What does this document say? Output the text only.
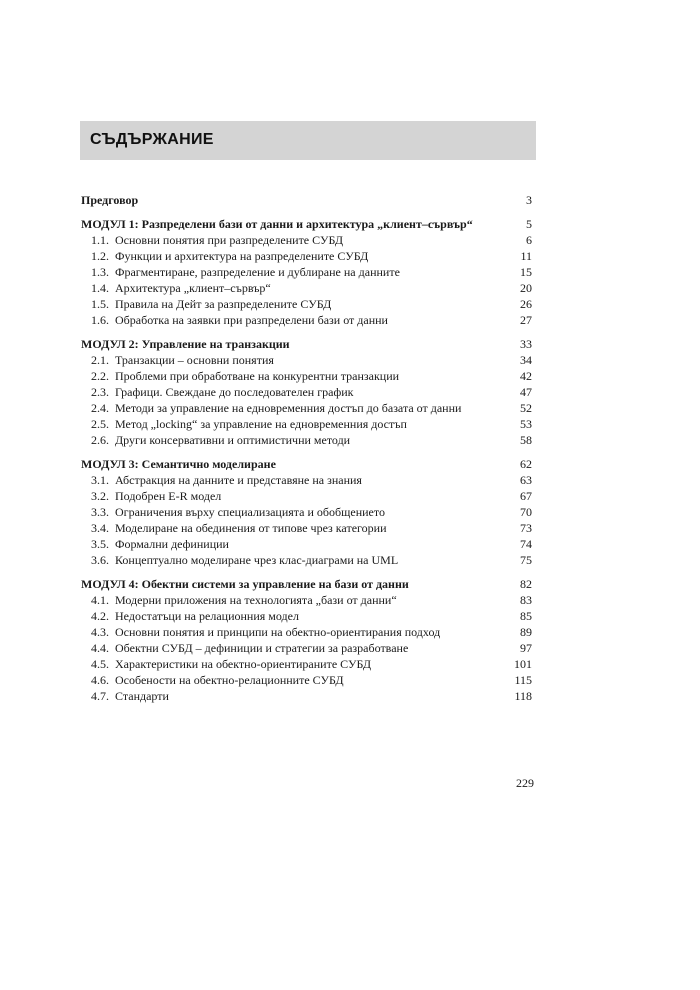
СЪДЪРЖАНИЕ
Предговор	3
МОДУЛ 1: Разпределени бази от данни и архитектура „клиент–сървър“	5
1.1. Основни понятия при разпределените СУБД	6
1.2. Функции и архитектура на разпределените СУБД	11
1.3. Фрагментиране, разпределение и дублиране на данните	15
1.4. Архитектура „клиент–сървър“	20
1.5. Правила на Дейт за разпределените СУБД	26
1.6. Обработка на заявки при разпределени бази от данни	27
МОДУЛ 2: Управление на транзакции	33
2.1. Транзакции – основни понятия	34
2.2. Проблеми при обработване на конкурентни транзакции	42
2.3. Графици. Свеждане до последователен график	47
2.4. Методи за управление на едновременния достъп до базата от данни	52
2.5. Метод „locking“ за управление на едновременния достъп	53
2.6. Други консервативни и оптимистични методи	58
МОДУЛ 3: Семантично моделиране	62
3.1. Абстракция на данните и представяне на знания	63
3.2. Подобрен E-R модел	67
3.3. Ограничения върху специализацията и обобщението	70
3.4. Моделиране на обединения от типове чрез категории	73
3.5. Формални дефиниции	74
3.6. Концептуално моделиране чрез клас-диаграми на UML	75
МОДУЛ 4: Обектни системи за управление на бази от данни	82
4.1. Модерни приложения на технологията „бази от данни“	83
4.2. Недостатъци на релационния модел	85
4.3. Основни понятия и принципи на обектно-ориентирания подход	89
4.4. Обектни СУБД – дефиниции и стратегии за разработване	97
4.5. Характеристики на обектно-ориентираните СУБД	101
4.6. Особености на обектно-релационните СУБД	115
4.7. Стандарти	118
229
